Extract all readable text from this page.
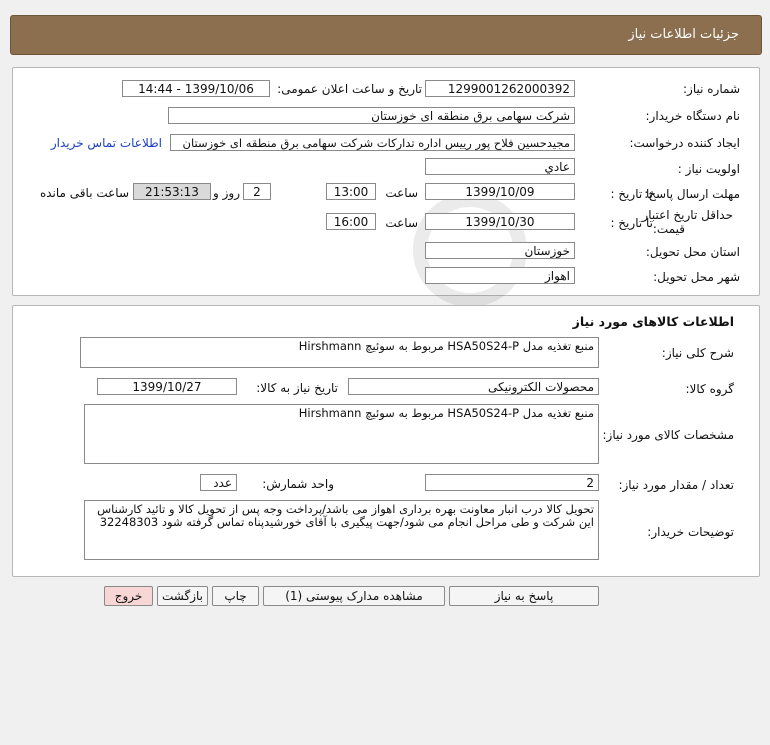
جزئیات اطلاعات نیاز
شماره نیاز:
1299001262000392
تاریخ و ساعت اعلان عمومی:
1399/10/06 - 14:44
نام دستگاه خریدار:
شرکت سهامی برق منطقه ای خوزستان
ایجاد کننده درخواست:
مجیدحسین فلاح پور رییس اداره تدارکات شرکت سهامی برق منطقه ای خوزستان
اطلاعات تماس خریدار
اولویت نیاز :
عادي
مهلت ارسال پاسخ:
تا تاریخ :
1399/10/09
ساعت
13:00
2
روز و
21:53:13
ساعت باقی مانده
حداقل تاریخ اعتبار
قیمت:
تا تاریخ :
1399/10/30
ساعت
16:00
استان محل تحویل:
خوزستان
شهر محل تحویل:
اهواز
اطلاعات کالاهای مورد نیاز
شرح کلی نیاز:
منبع تغذیه مدل HSA50S24-P مربوط به سوئیچ Hirshmann
گروه کالا:
محصولات الکترونیکی
تاریخ نیاز به کالا:
1399/10/27
مشخصات کالای مورد نیاز:
منبع تغذیه مدل HSA50S24-P مربوط به سوئیچ Hirshmann
تعداد / مقدار مورد نیاز:
2
واحد شمارش:
عدد
توضیحات خریدار:
تحویل کالا درب انبار معاونت بهره برداری اهواز می باشد/پرداخت وجه پس از تحویل کالا و تائید کارشناس این شرکت و طی مراحل انجام می شود/جهت پیگیری با آقای خورشیدپناه تماس گرفته شود 32248303
پاسخ به نیاز
مشاهده مدارک پیوستی (1)
چاپ
بازگشت
خروج
